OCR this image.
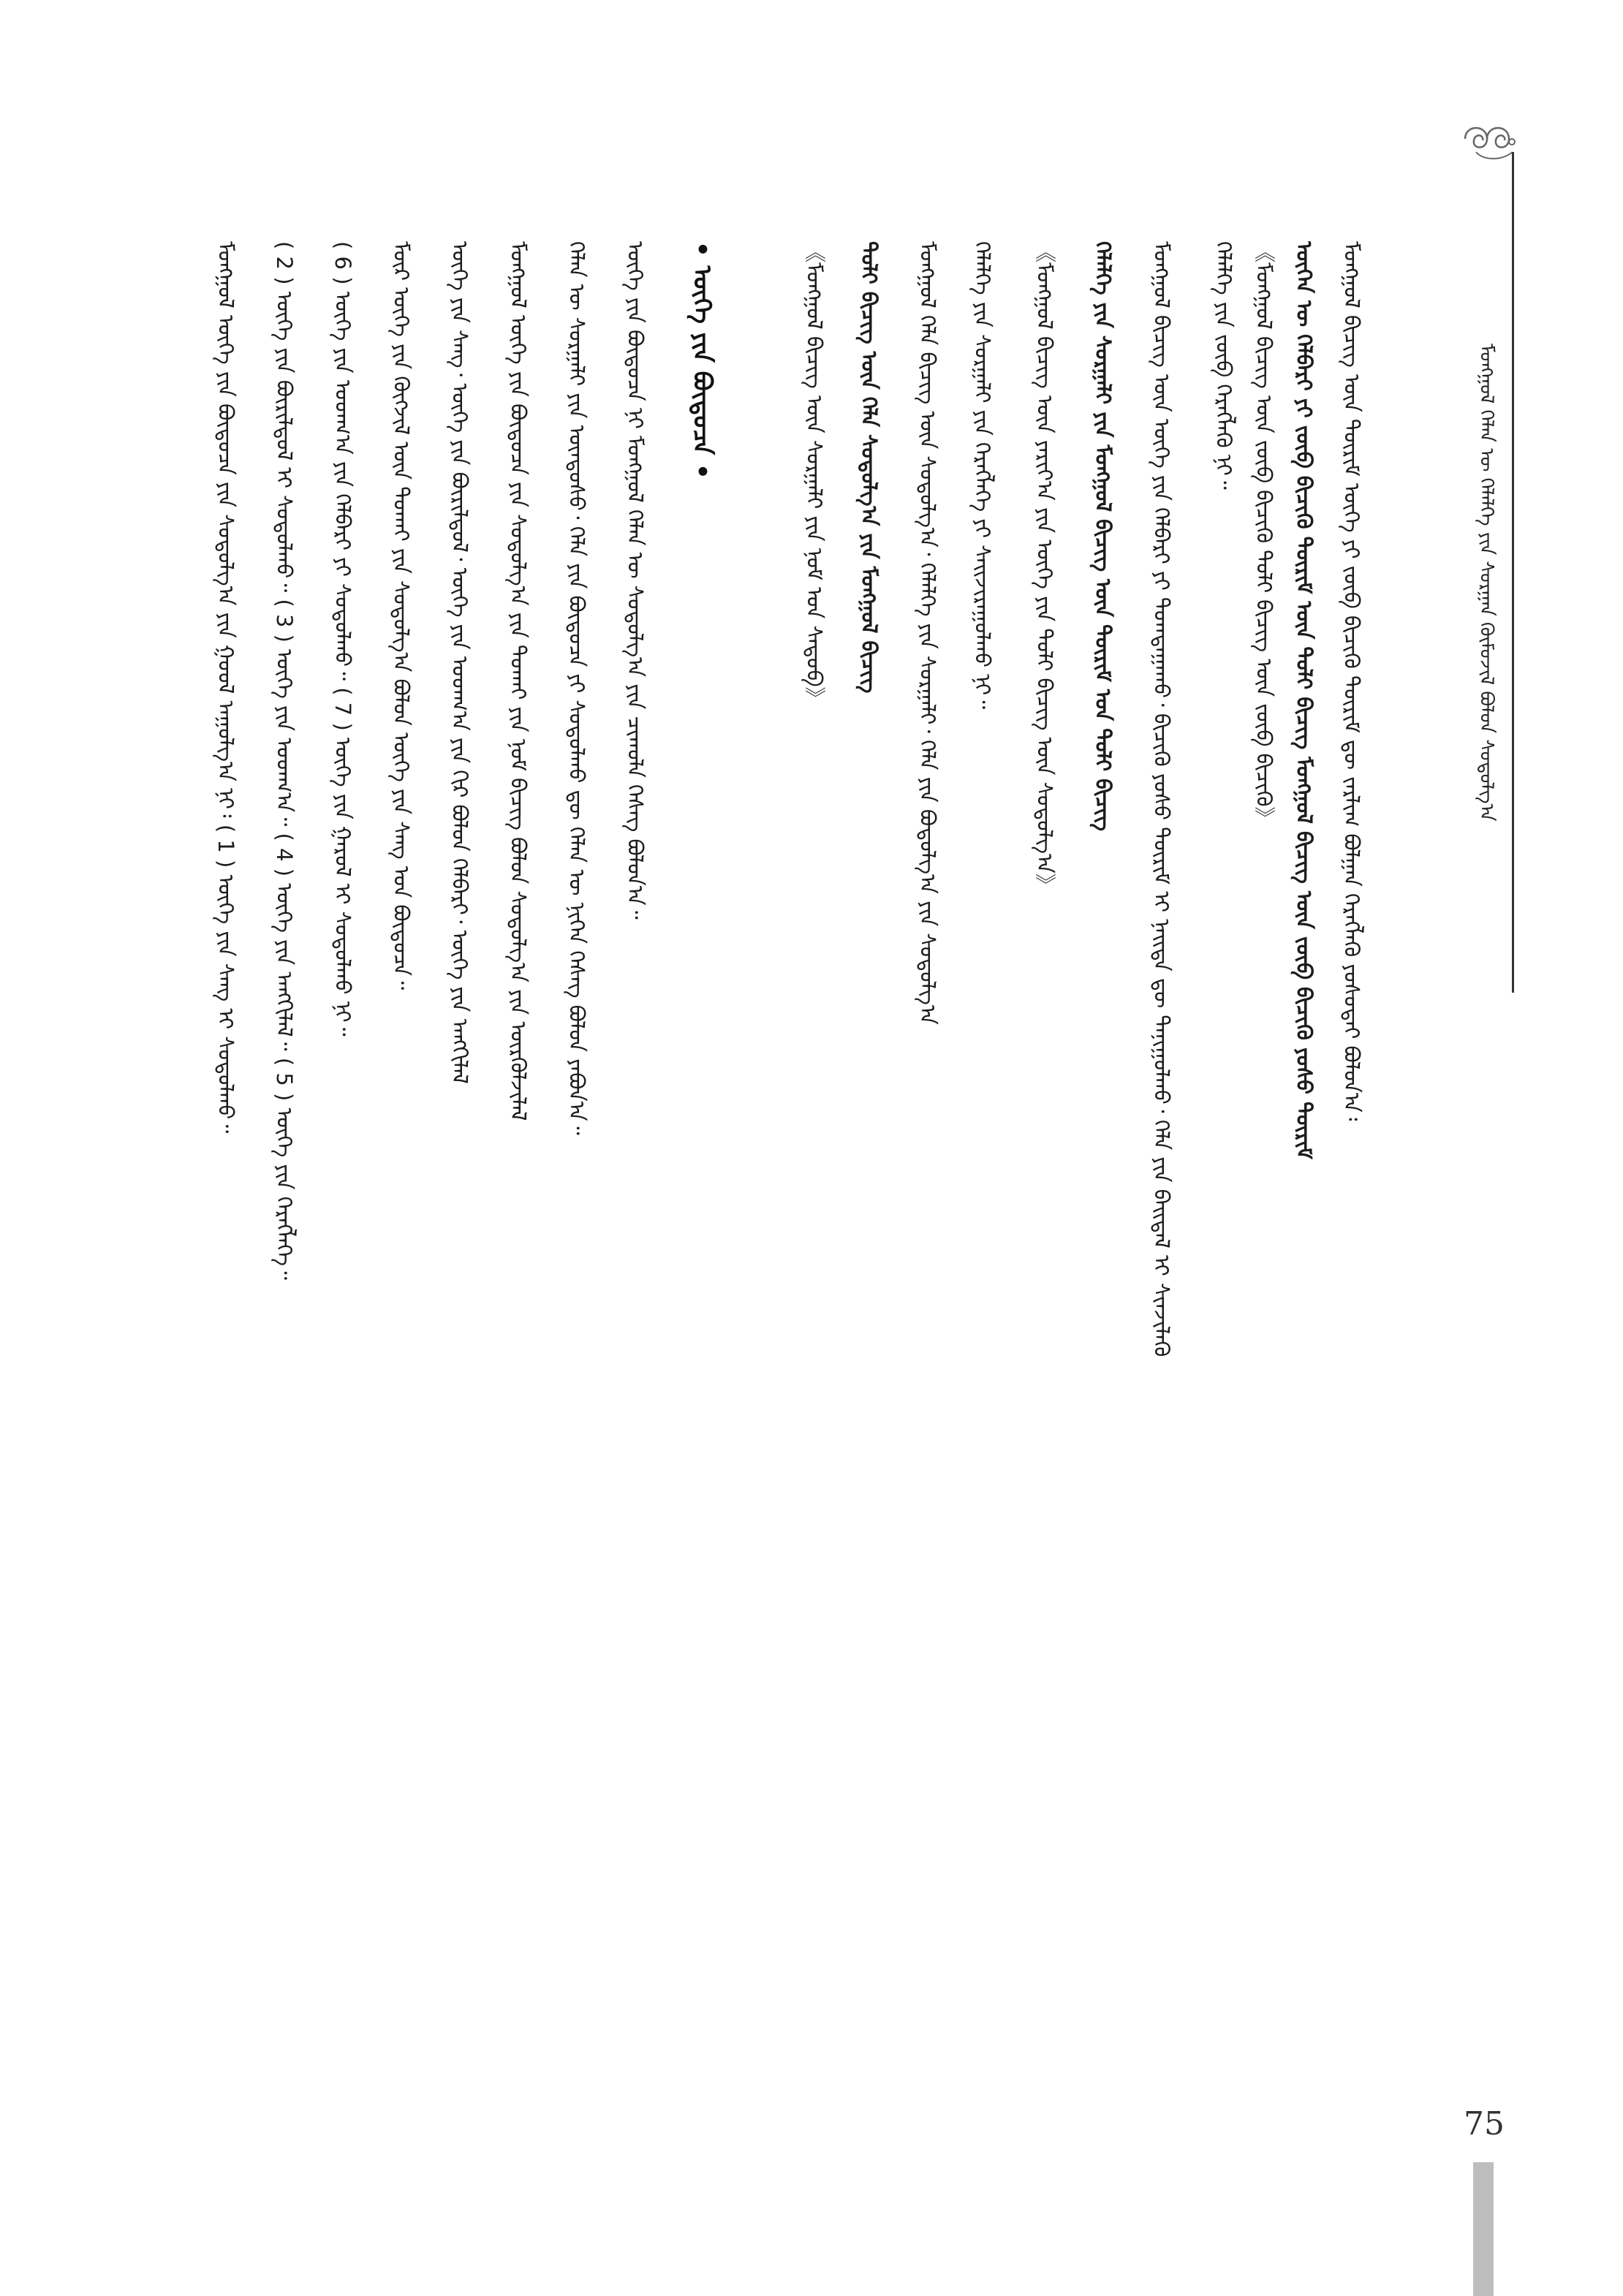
ᠮᠣᠩᠭᠣᠯ ᠬᠡᠯᠡᠨ ᠦ ᠬᠡᠯᠡᠯᠭᠡ ᠶᠢᠨ ᠰᠤᠷᠭᠠᠨ ᠬᠦᠮᠦᠵᠢᠯ ᠪᠣᠯᠤᠨ ᠰᠤᠳᠤᠯᠭ᠎ᠠ
ᠮᠣᠩᠭᠣᠯ ᠪᠢᠴᠢᠭ ᠦᠨ ᠳᠦᠷᠢᠮ ᠦᠭᠡ ᠶᠢ ᠵᠥᠪ ᠪᠢᠴᠢᠬᠦ ᠳᠦᠷᠢᠮ ᠳᠦ ᠵᠠᠷᠯᠢᠭ ᠪᠣᠯᠭᠠᠨ ᠬᠡᠷᠡᠭᠯᠡᠬᠦ ᠶᠣᠰᠣᠲᠠᠢ ᠪᠣᠯᠤᠨ᠎ᠠ᠄
ᠦᠭᠡᠨ ᠦ ᠬᠡᠯᠪᠡᠷᠢ ᠶᠢ ᠵᠥᠪ ᠪᠢᠴᠢᠬᠦ ᠳᠦᠷᠢᠮ ᠦᠨ ᠲᠣᠯᠢ ᠪᠢᠴᠢᠭ ᠮᠣᠩᠭᠣᠯ ᠪᠢᠴᠢᠭ ᠦᠨ ᠵᠥᠪ ᠪᠢᠴᠢᠬᠦ ᠶᠣᠰᠣ ᠳᠦᠷᠢᠮ
《ᠮᠣᠩᠭᠣᠯ ᠪᠢᠴᠢᠭ ᠦᠨ ᠵᠥᠪ ᠪᠢᠴᠢᠬᠦ ᠲᠣᠯᠢ ᠪᠢᠴᠢᠭ ᠦᠨ ᠵᠥᠪ ᠪᠢᠴᠢᠬᠦ》
ᠬᠡᠯᠡᠯᠭᠡ ᠶᠢᠨ ᠵᠥᠪ ᠬᠡᠷᠡᠭᠯᠡᠬᠦ ᠨᠢ᠃
ᠮᠣᠩᠭᠣᠯ ᠪᠢᠴᠢᠭ ᠦᠨ ᠦᠭᠡ ᠶᠢᠨ ᠬᠡᠯᠪᠡᠷᠢ ᠶᠢ ᠲᠣᠭᠲᠠᠭᠠᠬᠤ᠂ ᠪᠢᠴᠢᠬᠦ ᠶᠣᠰᠣ ᠳᠦᠷᠢᠮ ᠢ ᠨᠡᠢᠲᠡ ᠳᠦ ᠲᠠᠨᠢᠭᠤᠯᠬᠤ᠂ ᠬᠡᠯᠡ ᠶᠢᠨ ᠪᠠᠢᠳᠠᠯ ᠢ ᠰᠢᠨᠵᠢᠯᠡᠬᠦ
ᠬᠡᠯᠡᠯᠭᠡ ᠶᠢᠨ ᠰᠤᠷᠭᠠᠯᠢ ᠶᠢᠨ ᠮᠣᠩᠭᠣᠯ ᠪᠢᠴᠢᠭ ᠦᠨ ᠳᠦᠷᠢᠮ ᠤᠨ ᠲᠣᠯᠢ ᠪᠢᠴᠢᠭ
《ᠮᠣᠩᠭᠣᠯ ᠪᠢᠴᠢᠭ ᠦᠨ ᠶᠠᠷᠢᠶ᠎ᠠ ᠶᠢᠨ ᠦᠭᠡ ᠶᠢᠨ ᠲᠣᠯᠢ ᠪᠢᠴᠢᠭ ᠦᠨ ᠰᠤᠳᠤᠯᠭ᠎ᠠ》
ᠬᠡᠯᠡᠯᠭᠡ ᠶᠢᠨ ᠰᠤᠷᠭᠠᠯᠢ ᠶᠢᠨ ᠬᠡᠷᠡᠭᠯᠡᠭᠡ ᠶᠢ ᠰᠠᠢᠵᠢᠷᠠᠭᠤᠯᠬᠤ ᠨᠢ᠃
ᠮᠣᠩᠭᠣᠯ ᠬᠡᠯᠡ ᠪᠢᠴᠢᠭ ᠦᠨ ᠰᠤᠳᠤᠯᠭ᠎ᠠ᠂ ᠬᠡᠯᠡᠯᠭᠡ ᠶᠢᠨ ᠰᠤᠷᠭᠠᠯᠢ᠂ ᠬᠡᠯᠡ ᠶᠢᠨ ᠪᠣᠳᠣᠯᠭ᠎ᠠ ᠶᠢᠨ ᠰᠤᠳᠤᠯᠭ᠎ᠠ
ᠲᠣᠯᠢ ᠪᠢᠴᠢᠭ ᠦᠨ ᠬᠡᠯᠡ ᠰᠤᠳᠤᠯᠭ᠎ᠠ ᠶᠢᠨ ᠮᠣᠩᠭᠣᠯ ᠪᠢᠴᠢᠭ
《ᠮᠣᠩᠭᠣᠯ ᠪᠢᠴᠢᠭ ᠦᠨ ᠰᠤᠷᠭᠠᠯᠢ ᠶᠢᠨ ᠨᠣᠮ ᠤᠨ ᠰᠡᠳᠦᠪ》
• ᠦᠭᠡ ᠶᠢᠨ ᠪᠦᠲᠦᠴᠡ •
ᠦᠭᠡ ᠶᠢᠨ ᠪᠦᠲᠦᠴᠡ ᠨᠢ ᠮᠣᠩᠭᠣᠯ ᠬᠡᠯᠡᠨ ᠦ ᠰᠤᠳᠤᠯᠭ᠎ᠠ ᠶᠢᠨ ᠴᠢᠬᠤᠯᠠ ᠬᠡᠰᠡᠭ ᠪᠣᠯᠤᠨ᠎ᠠ᠃
ᠬᠡᠯᠡᠨ ᠦ ᠰᠤᠷᠭᠠᠯᠢ ᠶᠢᠨ ᠦᠨᠳᠦᠰᠦ᠂ ᠬᠡᠯᠡ ᠶᠢᠨ ᠪᠦᠲᠦᠴᠡ ᠶᠢ ᠰᠤᠳᠤᠯᠬᠤ ᠳᠦ ᠬᠡᠯᠡᠨ ᠦ ᠨᠢᠭᠡᠨ ᠬᠡᠰᠡᠭ ᠪᠣᠯᠤᠨ ᠶᠠᠪᠤᠨ᠎ᠠ᠃
ᠮᠣᠩᠭᠣᠯ ᠦᠭᠡ ᠶᠢᠨ ᠪᠦᠲᠦᠴᠡ ᠶᠢᠨ ᠰᠤᠳᠤᠯᠭ᠎ᠠ ᠶᠢᠨ ᠲᠤᠬᠠᠢ ᠶᠢᠨ ᠨᠣᠮ ᠪᠢᠴᠢᠭ ᠪᠣᠯᠤᠨ ᠰᠤᠳᠤᠯᠭ᠎ᠠ ᠶᠢᠨ ᠦᠷᠭᠦᠯᠵᠢᠯᠡᠯ
ᠦᠭᠡ ᠶᠢᠨ ᠰᠠᠩ᠂ ᠦᠭᠡ ᠶᠢᠨ ᠪᠦᠷᠢᠯᠳᠦᠯ᠂ ᠦᠭᠡ ᠶᠢᠨ ᠤᠳᠬ᠎ᠠ ᠶᠢᠨ ᠬᠢᠷ ᠪᠣᠯᠤᠨ ᠬᠡᠯᠪᠡᠷᠢ᠂ ᠦᠭᠡ ᠶᠢᠨ ᠠᠩᠭᠢᠯᠠᠯ
ᠮᠥᠷ ᠦᠭᠡ ᠶᠢᠨ ᠬᠥᠭᠵᠢᠯ ᠦᠨ ᠲᠤᠬᠠᠢ ᠶᠢᠨ ᠰᠤᠳᠤᠯᠭ᠎ᠠ ᠪᠣᠯᠤᠨ ᠦᠭᠡ ᠶᠢᠨ ᠰᠠᠩ ᠤᠨ ᠪᠦᠲᠦᠴᠡ᠃
( 6 ) ᠦᠭᠡ ᠶᠢᠨ ᠤᠳᠬ᠎ᠠ ᠶᠢᠨ ᠬᠡᠯᠪᠡᠷᠢ ᠶᠢ ᠰᠤᠳᠤᠯᠬᠤ᠃ ( 7 ) ᠦᠭᠡ ᠶᠢᠨ ᠭᠠᠷᠤᠯ ᠢ ᠰᠤᠳᠤᠯᠬᠤ ᠨᠢ᠃
( 2 ) ᠦᠭᠡ ᠶᠢᠨ ᠪᠦᠷᠢᠯᠳᠦᠯ ᠢ ᠰᠤᠳᠤᠯᠬᠤ᠃ ( 3 ) ᠦᠭᠡ ᠶᠢᠨ ᠤᠳᠬ᠎ᠠ᠃ ( 4 ) ᠦᠭᠡ ᠶᠢᠨ ᠠᠩᠭᠢᠯᠠᠯ᠃ ( 5 ) ᠦᠭᠡ ᠶᠢᠨ ᠬᠡᠷᠡᠭᠯᠡᠭᠡ᠃
ᠮᠣᠩᠭᠣᠯ ᠦᠭᠡ ᠶᠢᠨ ᠪᠦᠲᠦᠴᠡ ᠶᠢᠨ ᠰᠤᠳᠤᠯᠭ᠎ᠠ ᠶᠢᠨ ᠭᠣᠣᠯ ᠠᠭᠤᠯᠭ᠎ᠠ ᠨᠢ᠄ ( 1 ) ᠦᠭᠡ ᠶᠢᠨ ᠰᠠᠩ ᠢ ᠰᠤᠳᠤᠯᠬᠤ᠃
75
